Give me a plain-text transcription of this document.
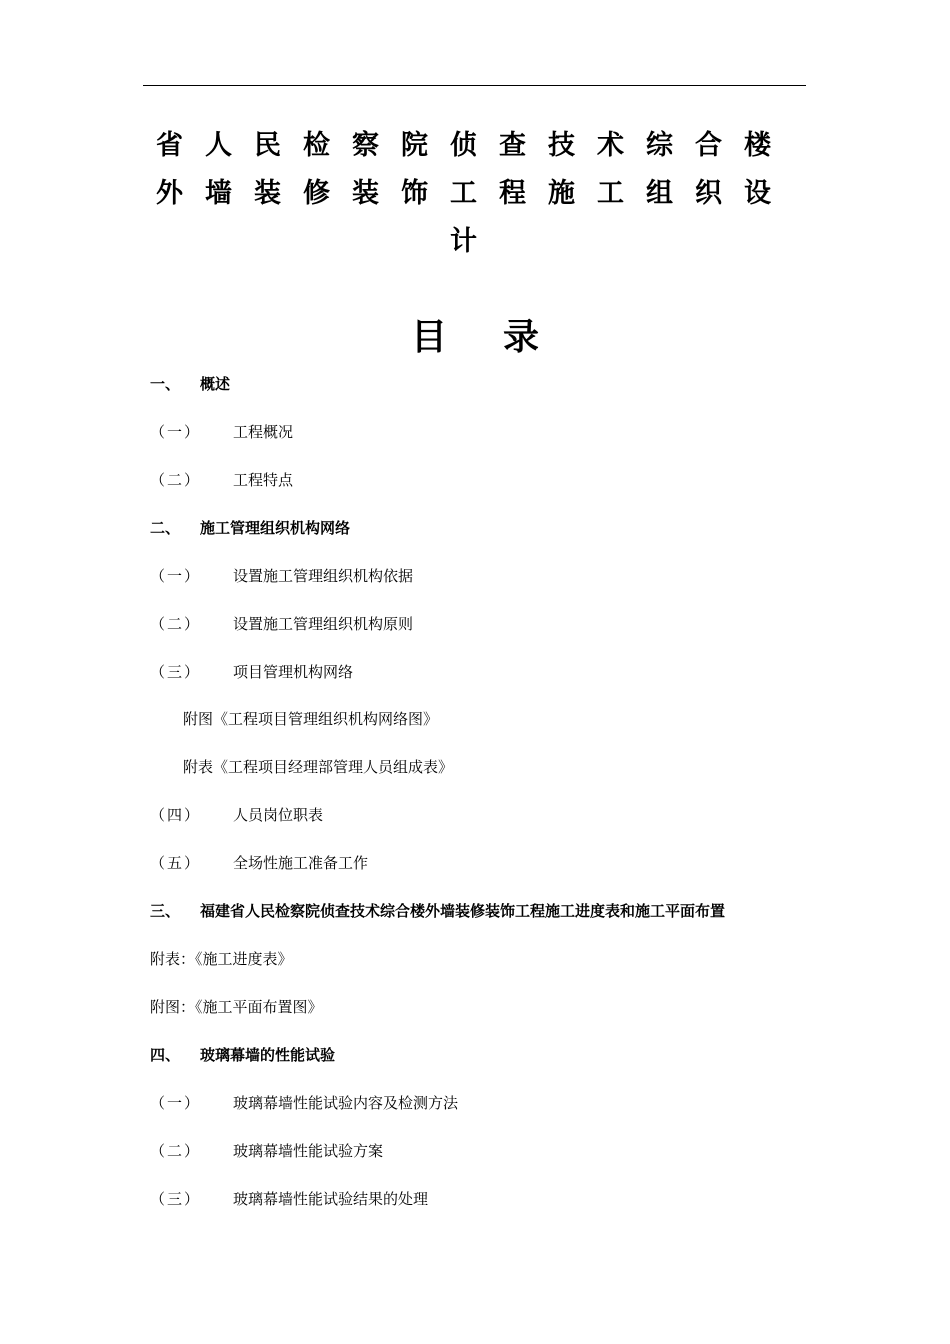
省人民检察院侦查技术综合楼外墙装修装饰工程施工组织设计
目录
一、 概述
（一） 工程概况
（二） 工程特点
二、 施工管理组织机构网络
（一） 设置施工管理组织机构依据
（二） 设置施工管理组织机构原则
（三） 项目管理机构网络
附图《工程项目管理组织机构网络图》
附表《工程项目经理部管理人员组成表》
（四） 人员岗位职表
（五） 全场性施工准备工作
三、 福建省人民检察院侦查技术综合楼外墙装修装饰工程施工进度表和施工平面布置
附表：《施工进度表》
附图：《施工平面布置图》
四、 玻璃幕墙的性能试验
（一） 玻璃幕墙性能试验内容及检测方法
（二） 玻璃幕墙性能试验方案
（三） 玻璃幕墙性能试验结果的处理
